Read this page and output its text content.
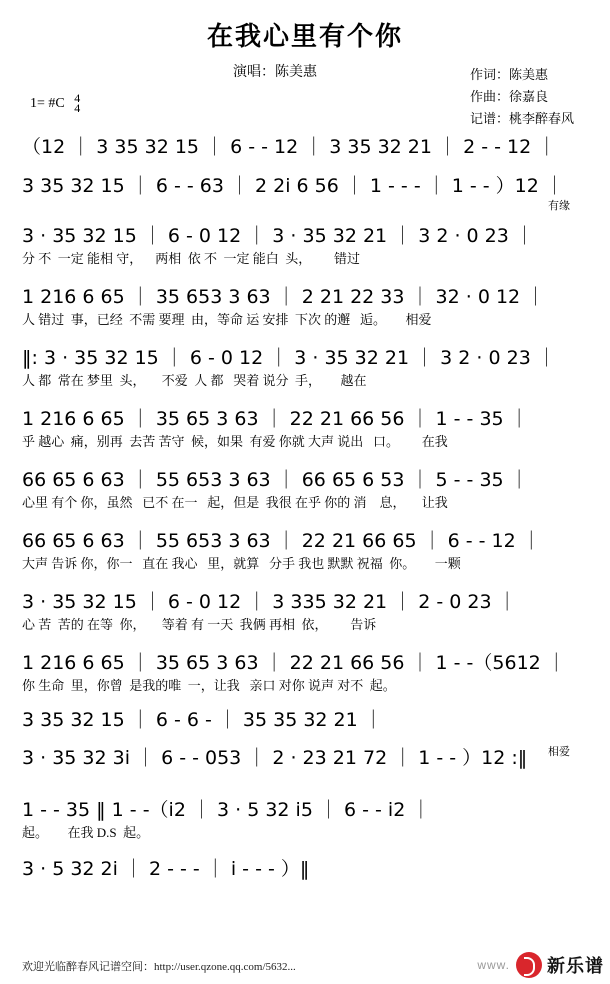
在我心里有个你
演唱：陈美惠	作词：陈美惠
作曲：徐嘉良
记谱：桃李醉春风
1= #C 4
4
（12 ｜ 3 35 32 15 ｜ 6 - - 12 ｜ 3 35 32 21 ｜ 2 - - 12 ｜
3 35 32 15 ｜ 6 - - 63 ｜ 2 2i 6 56 ｜ 1 - - - ｜ 1 - - ）12 ｜
有缘
3 · 35 32 15 ｜ 6 - 0 12 ｜ 3 · 35 32 21 ｜ 3 2 · 0 23 ｜
分 不  一定 能相 守，    两相  依 不  一定 能白  头，       错过
1 216 6 65 ｜ 35 653 3 63 ｜ 2 21 22 33 ｜ 32 · 0 12 ｜
人 错过  事，已经  不需 要理  由，等命 运 安排  下次 的邂   逅。      相爱
‖: 3 · 35 32 15 ｜ 6 - 0 12 ｜ 3 · 35 32 21 ｜ 3 2 · 0 23 ｜
人 都  常在 梦里  头，     不爱  人 都   哭着 说分  手，      越在
1 216 6 65 ｜ 35 65 3 63 ｜ 22 21 66 56 ｜ 1 - - 35 ｜
乎 越心  痛，别再  去苦 苦守  候，如果  有爱 你就 大声 说出   口。       在我
66 65 6 63 ｜ 55 653 3 63 ｜ 66 65 6 53 ｜ 5 - - 35 ｜
心里 有个 你，虽然   已不 在一   起，但是  我很 在乎 你的 消    息，     让我
66 65 6 63 ｜ 55 653 3 63 ｜ 22 21 66 65 ｜ 6 - - 12 ｜
大声 告诉 你，你一   直在 我心   里，就算   分手 我也 默默 祝福  你。      一颗
3 · 35 32 15 ｜ 6 - 0 12 ｜ 3 335 32 21 ｜ 2 - 0 23 ｜
心 苦  苦的 在等  你，     等着 有 一天  我俩 再相  依，       告诉
1 216 6 65 ｜ 35 65 3 63 ｜ 22 21 66 56 ｜ 1 - -（5612 ｜
你 生命  里，你曾  是我的唯  一，让我   亲口 对你 说声 对不  起。
3 35 32 15 ｜ 6 - 6 - ｜ 35 35 32 21 ｜
3 · 35 32 3i ｜ 6 - - 053 ｜ 2 · 23 21 72 ｜ 1 - - ）12 :‖	相爱
1 - - 35 ‖ 1 - -（i2 ｜ 3 · 5 32 i5 ｜ 6 - - i2 ｜
起。      在我 D.S  起。
3 · 5 32 2i ｜ 2 - - - ｜ i - - - ）‖
欢迎光临醉春风记谱空间：http://user.qzone.qq.com/5632...	www. 新乐谱
